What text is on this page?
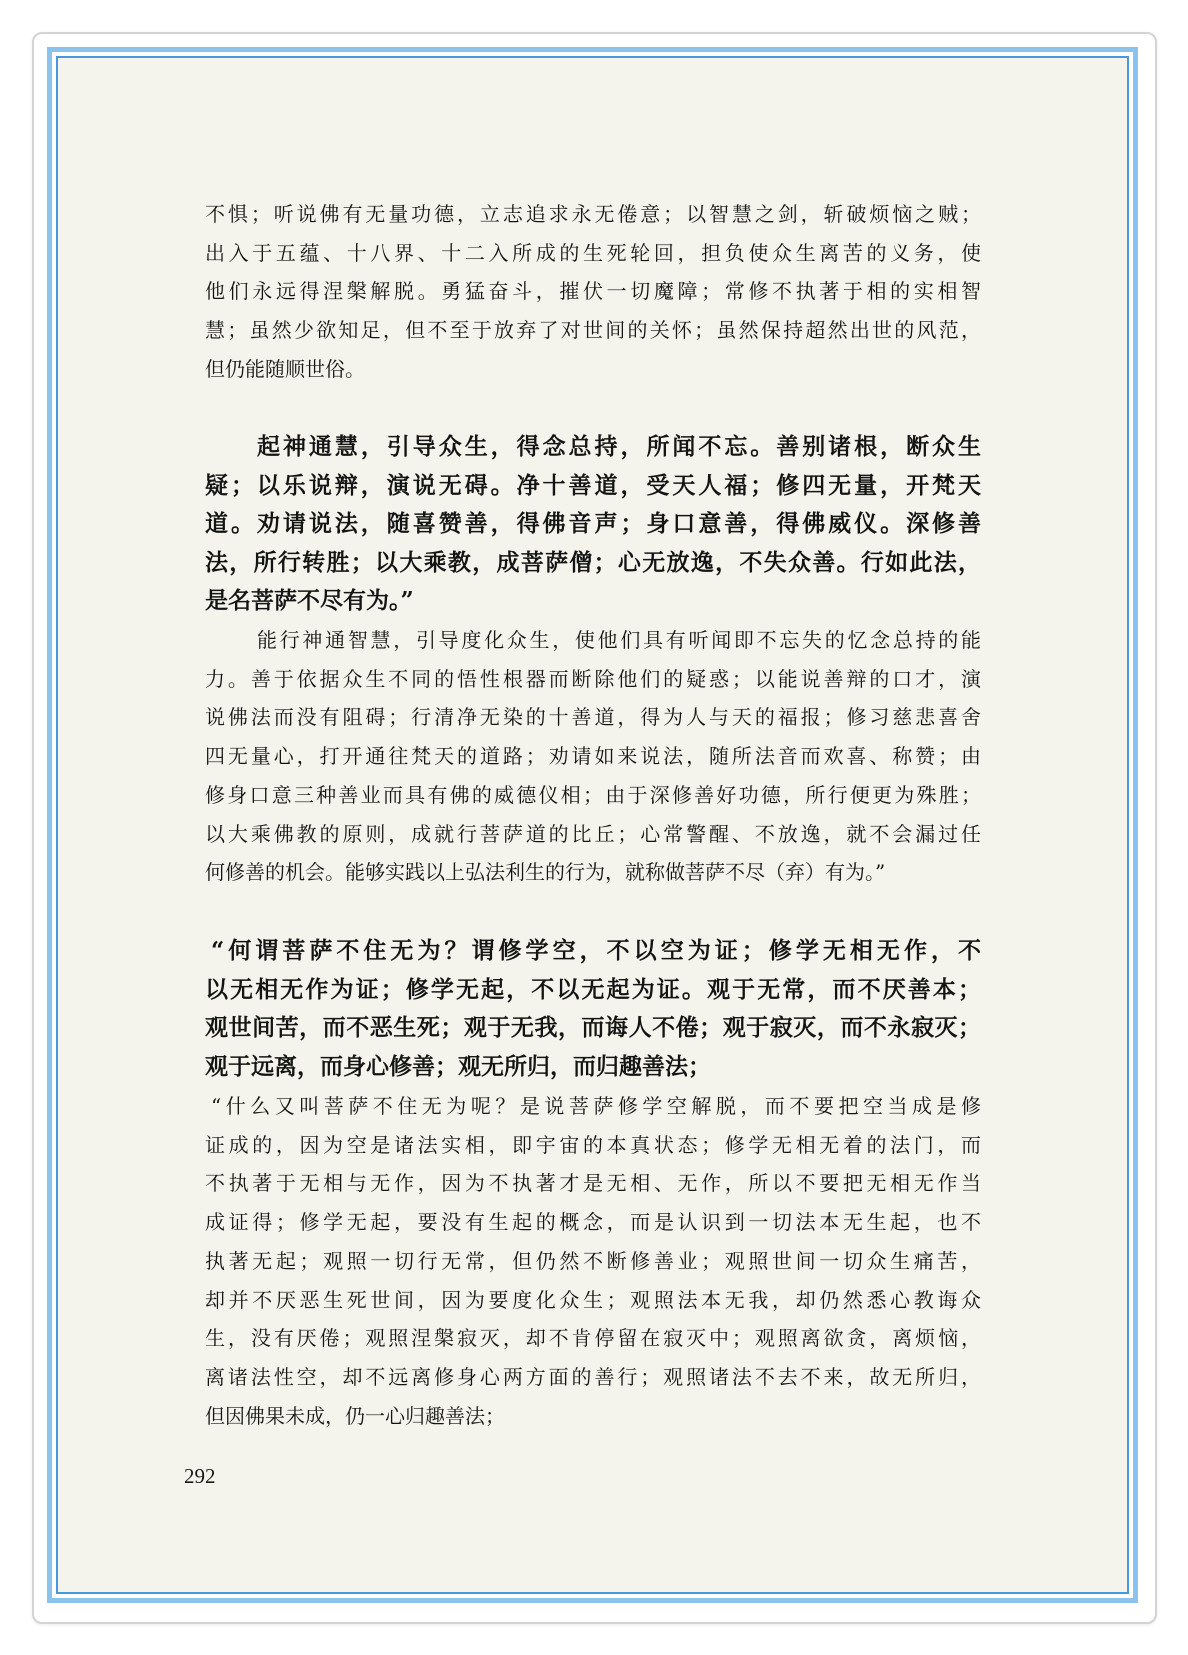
不惧；听说佛有无量功德，立志追求永无倦意；以智慧之剑，斩破烦恼之贼；
出入于五蕴、十八界、十二入所成的生死轮回，担负使众生离苦的义务，使
他们永远得涅槃解脱。勇猛奋斗，摧伏一切魔障；常修不执著于相的实相智
慧；虽然少欲知足，但不至于放弃了对世间的关怀；虽然保持超然出世的风范，
但仍能随顺世俗。
起神通慧，引导众生，得念总持，所闻不忘。善别诸根，断众生
疑；以乐说辩，演说无碍。净十善道，受天人福；修四无量，开梵天
道。劝请说法，随喜赞善，得佛音声；身口意善，得佛威仪。深修善
法，所行转胜；以大乘教，成菩萨僧；心无放逸，不失众善。行如此法，
是名菩萨不尽有为。”
能行神通智慧，引导度化众生，使他们具有听闻即不忘失的忆念总持的能
力。善于依据众生不同的悟性根器而断除他们的疑惑；以能说善辩的口才，演
说佛法而没有阻碍；行清净无染的十善道，得为人与天的福报；修习慈悲喜舍
四无量心，打开通往梵天的道路；劝请如来说法，随所法音而欢喜、称赞；由
修身口意三种善业而具有佛的威德仪相；由于深修善好功德，所行便更为殊胜；
以大乘佛教的原则，成就行菩萨道的比丘；心常警醒、不放逸，就不会漏过任
何修善的机会。能够实践以上弘法利生的行为，就称做菩萨不尽（弃）有为。”
“何谓菩萨不住无为？谓修学空，不以空为证；修学无相无作，不
以无相无作为证；修学无起，不以无起为证。观于无常，而不厌善本；
观世间苦，而不恶生死；观于无我，而诲人不倦；观于寂灭，而不永寂灭；
观于远离，而身心修善；观无所归，而归趣善法；
“什么又叫菩萨不住无为呢？是说菩萨修学空解脱，而不要把空当成是修
证成的，因为空是诸法实相，即宇宙的本真状态；修学无相无着的法门，而
不执著于无相与无作，因为不执著才是无相、无作，所以不要把无相无作当
成证得；修学无起，要没有生起的概念，而是认识到一切法本无生起，也不
执著无起；观照一切行无常，但仍然不断修善业；观照世间一切众生痛苦，
却并不厌恶生死世间，因为要度化众生；观照法本无我，却仍然悉心教诲众
生，没有厌倦；观照涅槃寂灭，却不肯停留在寂灭中；观照离欲贪，离烦恼，
离诸法性空，却不远离修身心两方面的善行；观照诸法不去不来，故无所归，
但因佛果未成，仍一心归趣善法；
292
